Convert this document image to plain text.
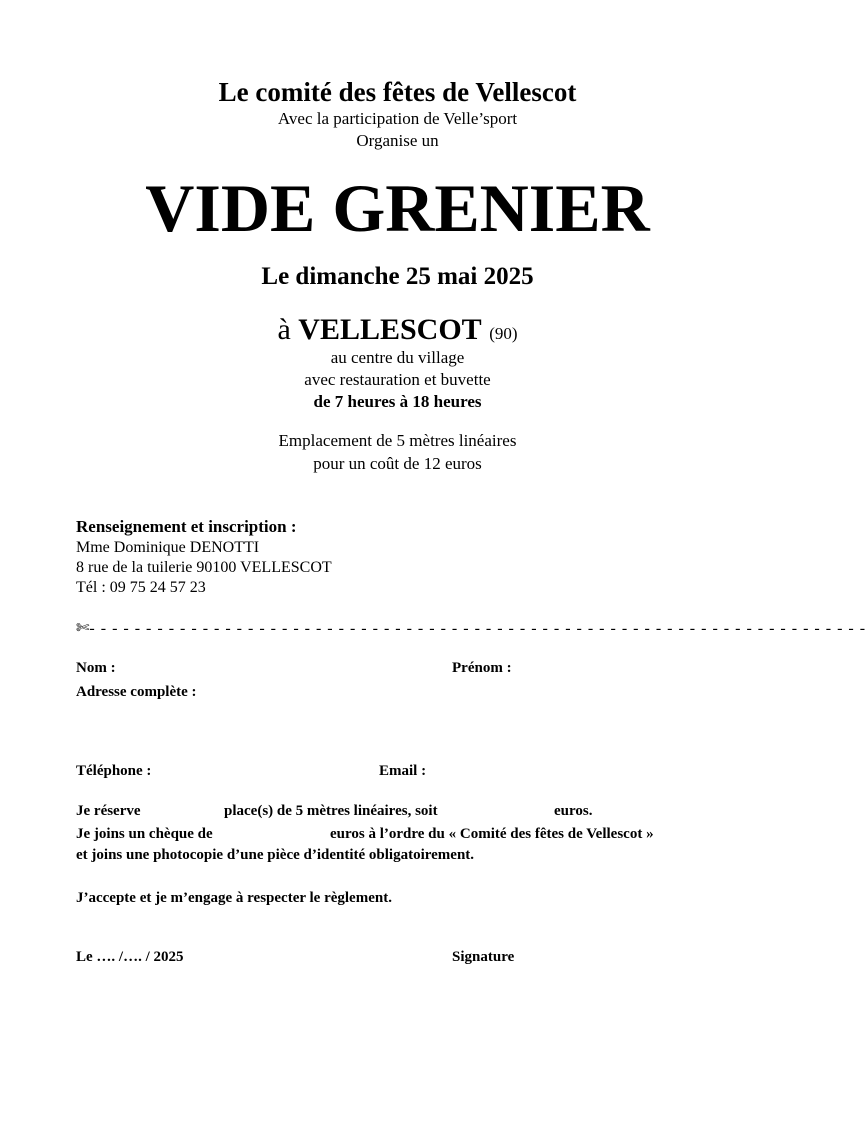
Le comité des fêtes de Vellescot
Avec la participation de Velle’sport
Organise un
VIDE GRENIER
Le dimanche 25 mai 2025
à VELLESCOT (90)
au centre du village
avec restauration et buvette
de 7 heures à 18 heures
Emplacement de 5 mètres linéaires
pour un coût de 12 euros
Renseignement et inscription :
Mme Dominique DENOTTI
8 rue de la tuilerie 90100 VELLESCOT
Tél : 09 75 24 57 23
✄- - - - - - - - - - - - - - - - - - - - - - - - - - - - - - - - - - - - - - - - - - - - - - - - - - - - - - - - - - - - - - - - - - - - -
Nom :	Prénom :
Adresse complète :
Téléphone :	Email :
Je réserve	place(s) de 5 mètres linéaires, soit	euros.
Je joins un chèque de	euros à l’ordre du « Comité des fêtes de Vellescot »
et joins une photocopie d’une pièce d’identité obligatoirement.
J’accepte et je m’engage à respecter le règlement.
Le …. /…. / 2025	Signature
